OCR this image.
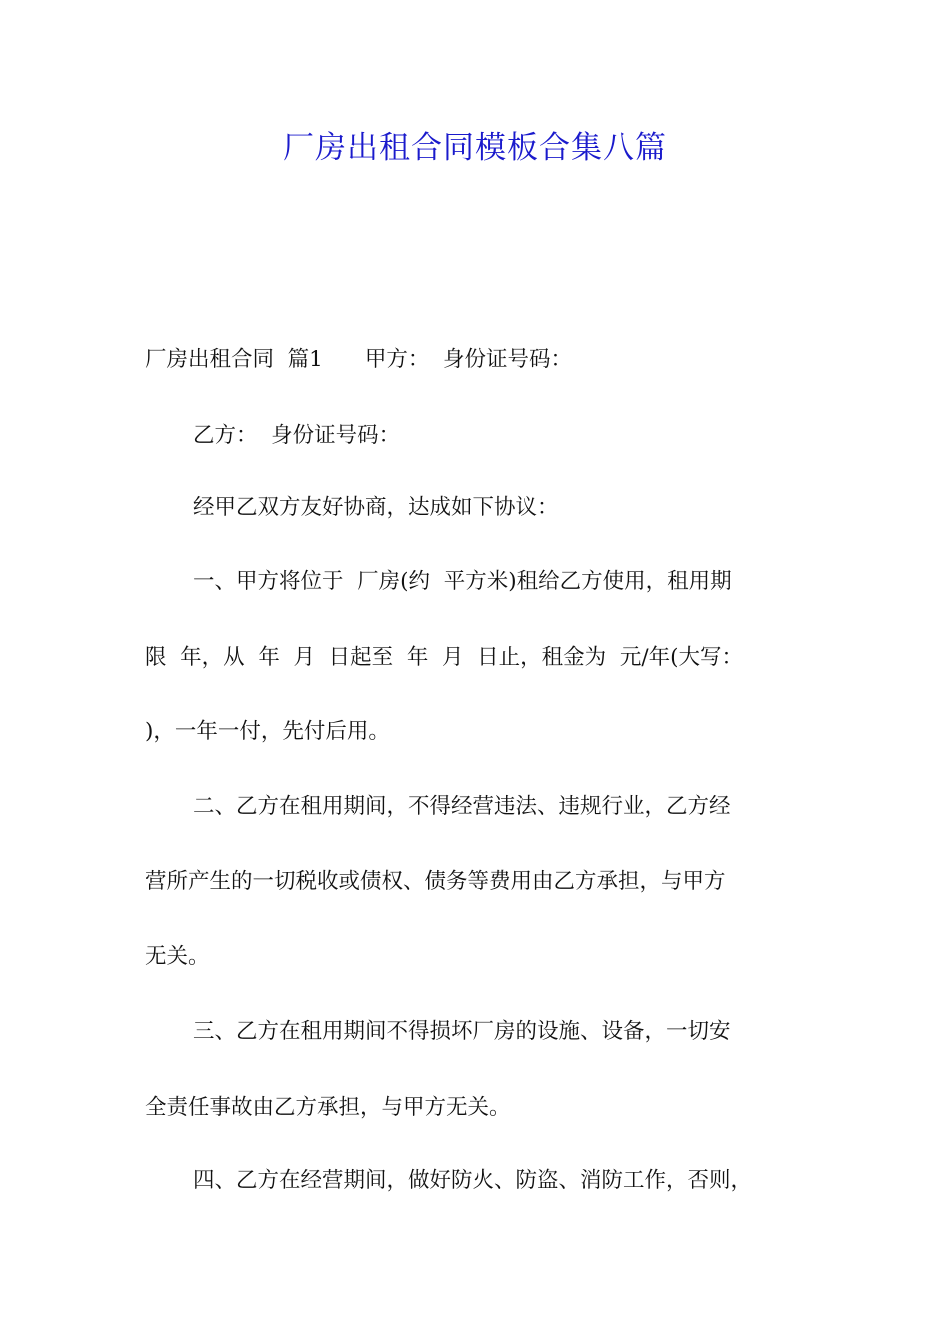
厂房出租合同模板合集八篇

厂房出租合同  篇1 甲方：  身份证号码：

乙方：  身份证号码：

经甲乙双方友好协商，达成如下协议：

一、甲方将位于  厂房(约  平方米)租给乙方使用，租用期

限  年，从  年  月  日起至  年  月  日止，租金为  元/年(大写：

)，一年一付，先付后用。

二、乙方在租用期间，不得经营违法、违规行业，乙方经

营所产生的一切税收或债权、债务等费用由乙方承担，与甲方

无关。

三、乙方在租用期间不得损坏厂房的设施、设备，一切安

全责任事故由乙方承担，与甲方无关。

四、乙方在经营期间，做好防火、防盗、消防工作，否则，
